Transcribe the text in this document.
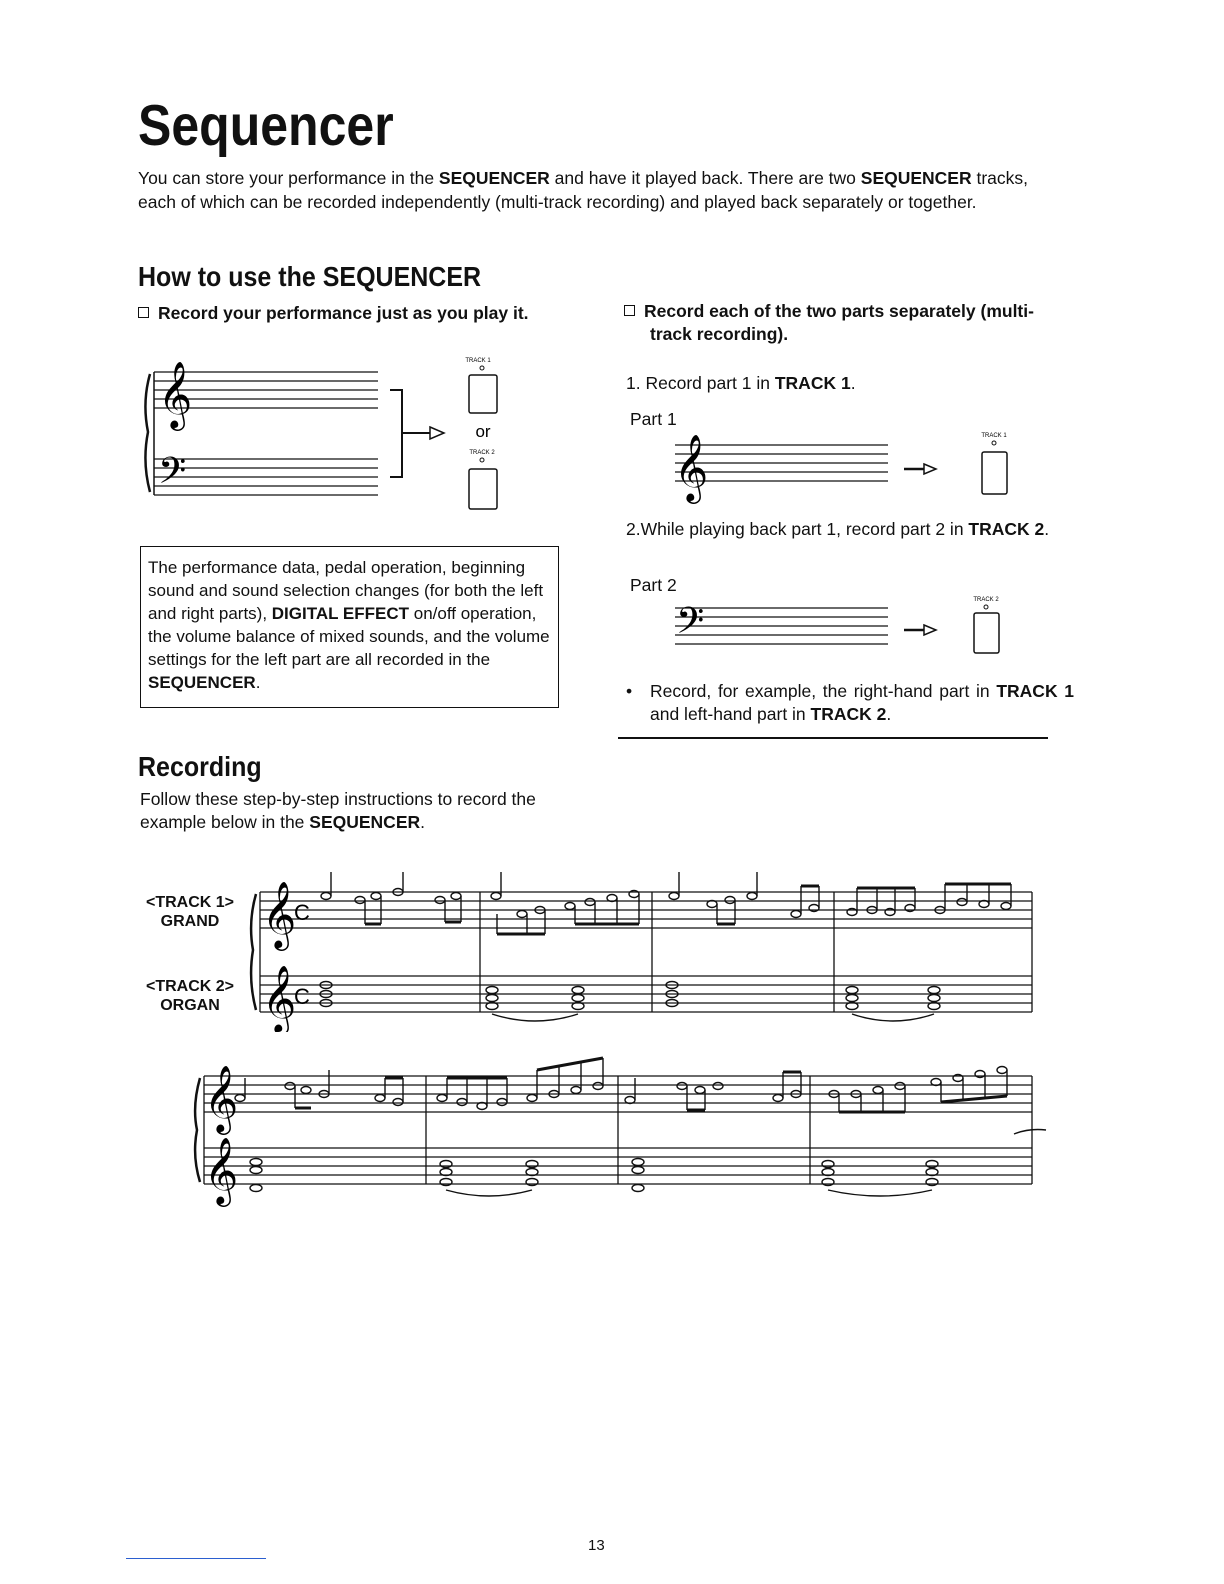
Sequencer
You can store your performance in the SEQUENCER and have it played back. There are two SEQUENCER tracks, each of which can be recorded independently (multi-track recording) and played back separately or together.
How to use the SEQUENCER
Record your performance just as you play it.
𝄞
𝄢
TRACK 1
or
TRACK 2
The performance data, pedal operation, beginning sound and sound selection changes (for both the left and right parts), DIGITAL EFFECT on/off operation, the volume balance of mixed sounds, and the volume settings for the left part are all recorded in the SEQUENCER.
Record each of the two parts separately (multi-track recording).
1. Record part 1 in TRACK 1.
Part 1
𝄞	TRACK 1
2.While playing back part 1, record part 2 in TRACK 2.
Part 2
𝄢
TRACK 2
• Record, for example, the right-hand part in TRACK 1 and left-hand part in TRACK 2.
Recording
Follow these step-by-step instructions to record the example below in the SEQUENCER.
<TRACK 1>
GRAND
<TRACK 2>
ORGAN
𝄞
𝄞
C
C
𝄞
𝄞
13
